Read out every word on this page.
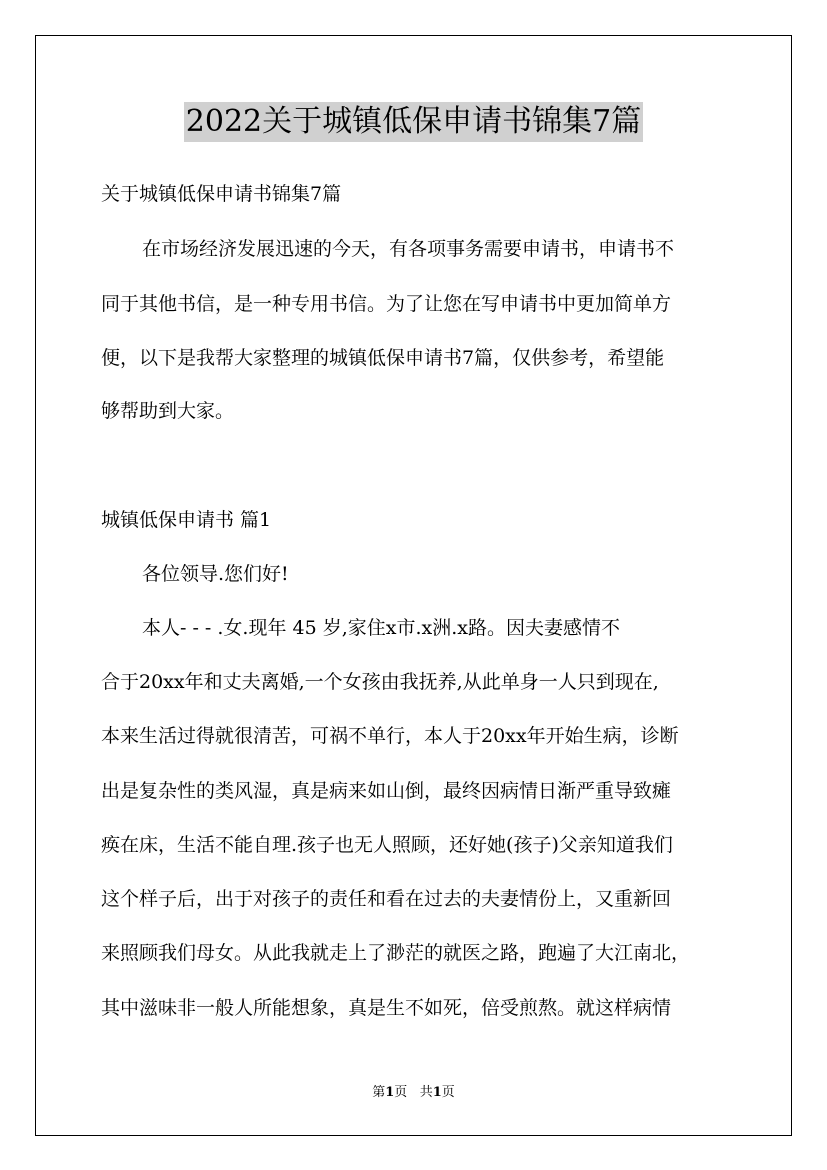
2022关于城镇低保申请书锦集7篇
关于城镇低保申请书锦集7篇
在市场经济发展迅速的今天，有各项事务需要申请书，申请书不
同于其他书信，是一种专用书信。为了让您在写申请书中更加简单方
便，以下是我帮大家整理的城镇低保申请书7篇，仅供参考，希望能
够帮助到大家。
城镇低保申请书 篇1
各位领导.您们好!
本人- - - .女.现年 45 岁,家住x市.x洲.x路。因夫妻感情不
合于20xx年和丈夫离婚,一个女孩由我抚养,从此单身一人只到现在,
本来生活过得就很清苦，可祸不单行，本人于20xx年开始生病，诊断
出是复杂性的类风湿，真是病来如山倒，最终因病情日渐严重导致瘫
痪在床，生活不能自理.孩子也无人照顾，还好她(孩子)父亲知道我们
这个样子后，出于对孩子的责任和看在过去的夫妻情份上，又重新回
来照顾我们母女。从此我就走上了渺茫的就医之路，跑遍了大江南北，
其中滋味非一般人所能想象，真是生不如死，倍受煎熬。就这样病情
第1页 共1页
